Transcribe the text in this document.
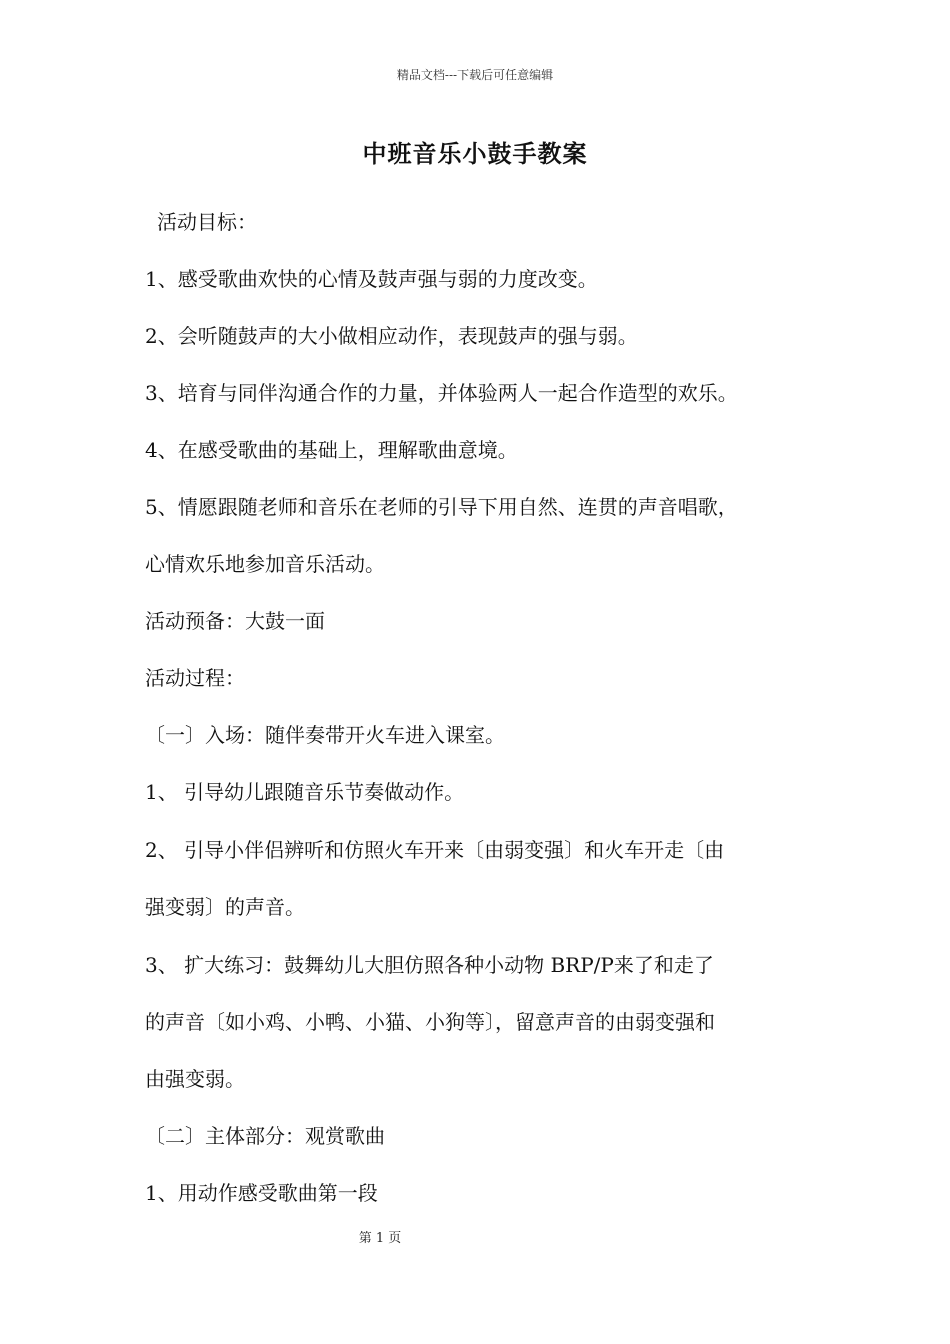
精品文档---下载后可任意编辑
中班音乐小鼓手教案
活动目标：
1、感受歌曲欢快的心情及鼓声强与弱的力度改变。
2、会听随鼓声的大小做相应动作，表现鼓声的强与弱。
3、培育与同伴沟通合作的力量，并体验两人一起合作造型的欢乐。
4、在感受歌曲的基础上，理解歌曲意境。
5、情愿跟随老师和音乐在老师的引导下用自然、连贯的声音唱歌，
心情欢乐地参加音乐活动。
活动预备：大鼓一面
活动过程：
〔一〕入场：随伴奏带开火车进入课室。
1、 引导幼儿跟随音乐节奏做动作。
2、 引导小伴侣辨听和仿照火车开来〔由弱变强〕和火车开走〔由
强变弱〕的声音。
3、 扩大练习：鼓舞幼儿大胆仿照各种小动物 BRP/P来了和走了
的声音〔如小鸡、小鸭、小猫、小狗等〕，留意声音的由弱变强和
由强变弱。
〔二〕主体部分：观赏歌曲
1、用动作感受歌曲第一段
第 1 页
